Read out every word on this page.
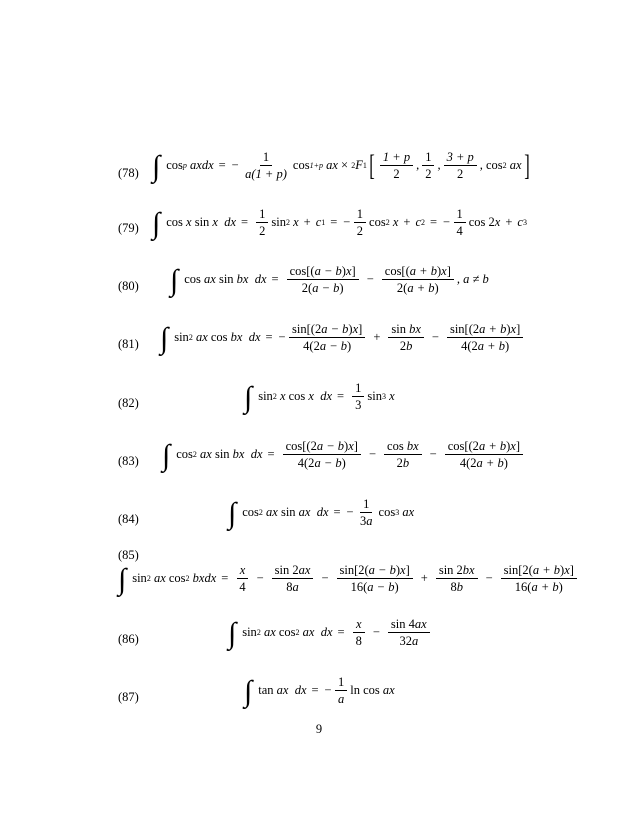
(78) ∫ cos p
axdx = − $\frac{1}{a(1 + p)}$ cos 1+p
ax
×
2 F 1 [ $\frac{1 + p}{2}$ , $\frac{1}{2}$ , $\frac{3 + p}{2}$ , cos 2
ax ]
(79) ∫ cos
x
sin
x
dx = $\frac{1}{2}$ sin 2
x + c 1 = − $\frac{1}{2}$ cos 2
x + c 2 = − $\frac{1}{4}$ cos
2 x + c 3
(80) ∫ cos
ax
sin
bx
dx = $\frac{\cos[(a - b)x]}{2(a - b)} - \frac{\cos[(a + b)x]}{2(a + b)}$ , a ≠ b
(81) ∫ sin 2
ax
cos
bx
dx = − $\frac{\sin[(2a - b)x]}{4(2a - b)} + \frac{\text{sin bx}}{2b} - \frac{\sin[(2a + b)x]}{4(2a + b)}$
(82)	∫ sin 2
x
cos
x
dx = $\frac{1}{3}$ sin 3
x
(83) ∫ cos 2
ax
sin
bx
dx = $\frac{\cos[(2a - b)x]}{4(2a - b)} - \frac{\text{cos bx}}{2b} - \frac{\cos[(2a + b)x]}{4(2a + b)}$
(84)	∫ cos 2
ax
sin
ax
dx = − $\frac{1}{3a}$ cos 3
ax
(85)
∫ sin 2
ax
cos 2
bxdx = $\frac{x}{4} - \frac{\sin 2ax}{8a} - \frac{\sin[2(a - b)x]}{16(a - b)} + \frac{\sin 2bx}{8b} - \frac{\sin[2(a + b)x]}{16(a + b)}$
(86)	∫ sin 2
ax
cos 2
ax
dx = $\frac{x}{8} - \frac{\sin 4ax}{32a}$
(87)	∫ tan
ax
dx = − $\frac{1}{a}$ ln cos
ax
9
